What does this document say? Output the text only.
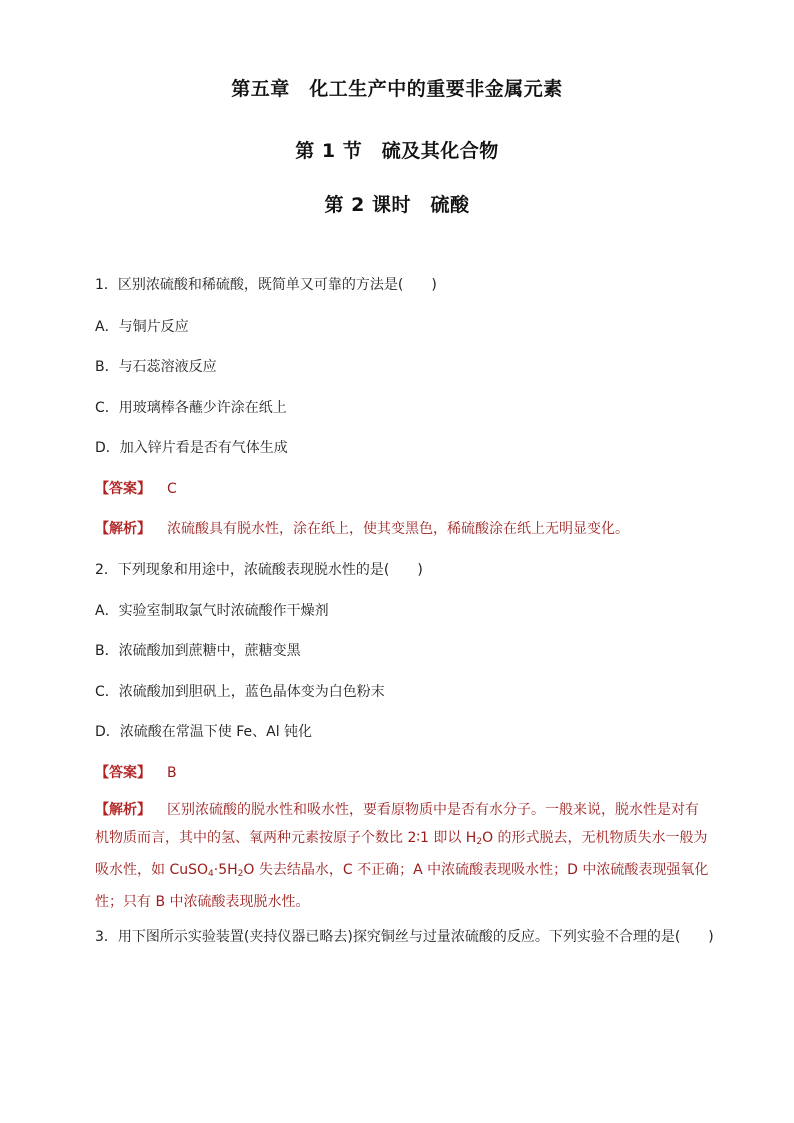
第五章　化工生产中的重要非金属元素
第 1 节　硫及其化合物
第 2 课时　硫酸
1．区别浓硫酸和稀硫酸，既简单又可靠的方法是(　　)
A．与铜片反应
B．与石蕊溶液反应
C．用玻璃棒各蘸少许涂在纸上
D．加入锌片看是否有气体生成
【答案】 C
【解析】 浓硫酸具有脱水性，涂在纸上，使其变黑色，稀硫酸涂在纸上无明显变化。
2．下列现象和用途中，浓硫酸表现脱水性的是(　　)
A．实验室制取氯气时浓硫酸作干燥剂
B．浓硫酸加到蔗糖中，蔗糖变黑
C．浓硫酸加到胆矾上，蓝色晶体变为白色粉末
D．浓硫酸在常温下使 Fe、Al 钝化
【答案】 B
【解析】 区别浓硫酸的脱水性和吸水性，要看原物质中是否有水分子。一般来说，脱水性是对有机物质而言，其中的氢、氧两种元素按原子个数比 2∶1 即以 $H_2O$ 的形式脱去，无机物质失水一般为吸水性，如 $CuSO_4\cdot 5H_2O$ 失去结晶水，C 不正确；A 中浓硫酸表现吸水性；D 中浓硫酸表现强氧化性；只有 B 中浓硫酸表现脱水性。
3．用下图所示实验装置(夹持仪器已略去)探究铜丝与过量浓硫酸的反应。下列实验不合理的是(　　)
